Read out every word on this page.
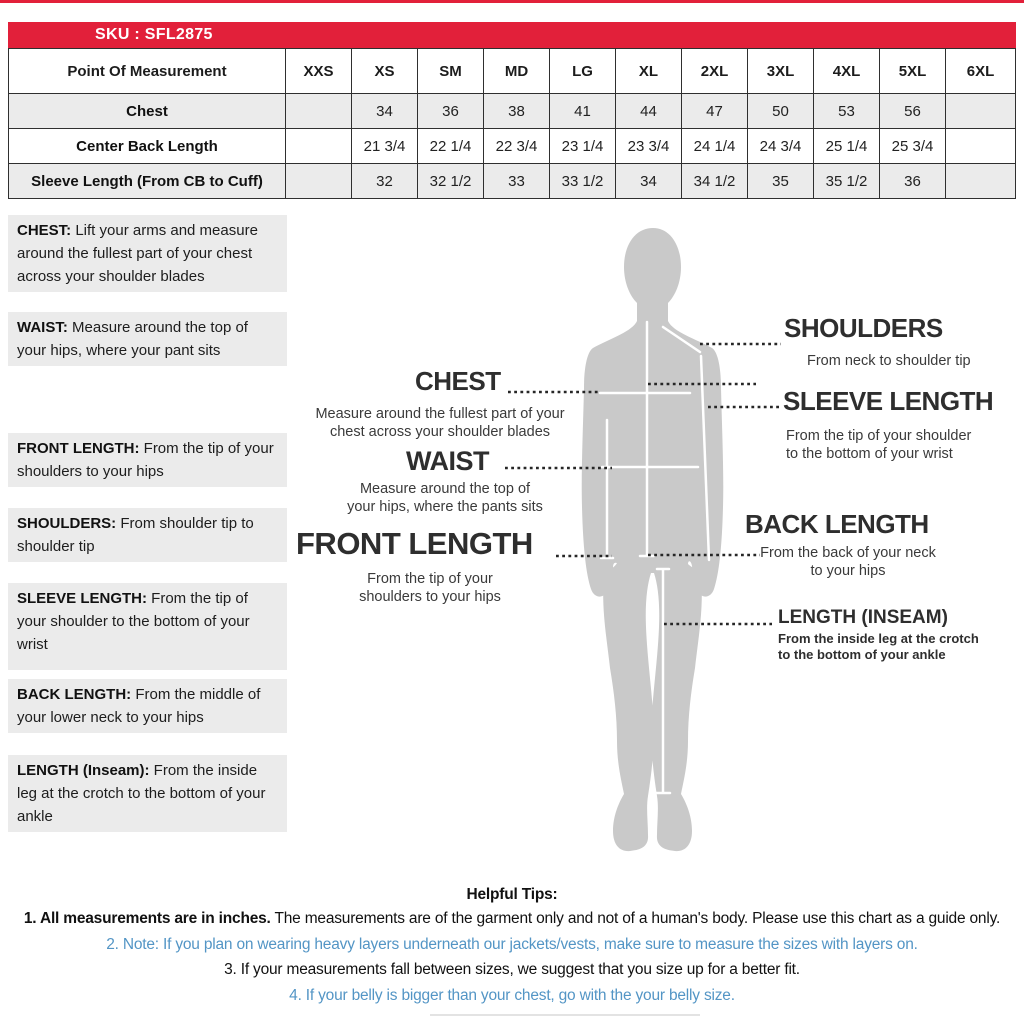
SKU : SFL2875
Point Of Measurement	XXS	XS	SM	MD	LG	XL	2XL	3XL	4XL	5XL	6XL
Chest		34	36	38	41	44	47	50	53	56	
Center Back Length		21 3/4	22 1/4	22 3/4	23 1/4	23 3/4	24 1/4	24 3/4	25 1/4	25 3/4	
Sleeve Length (From CB to Cuff)		32	32 1/2	33	33 1/2	34	34 1/2	35	35 1/2	36	
CHEST: Lift your arms and measure around the fullest part of your chest across your shoulder blades
WAIST: Measure around the top of your hips, where your pant sits
FRONT LENGTH: From the tip of your shoulders to your hips
SHOULDERS: From shoulder tip to shoulder tip
SLEEVE LENGTH: From the tip of your shoulder to the bottom of your wrist
BACK LENGTH: From the middle of your lower neck to your hips
LENGTH (Inseam): From the inside leg at the crotch to the bottom of your ankle
CHEST
Measure around the fullest part of your
chest across your shoulder blades
WAIST
Measure around the top of
your hips, where the pants sits
FRONT LENGTH
From the tip of your
shoulders to your hips
SHOULDERS
From neck to shoulder tip
SLEEVE LENGTH
From the tip of your shoulder
to the bottom of your wrist
BACK LENGTH
From the back of your neck
to your hips
LENGTH (INSEAM)
From the inside leg at the crotch
to the bottom of your ankle
Helpful Tips:
1. All measurements are in inches. The measurements are of the garment only and not of a human's body. Please use this chart as a guide only.
2. Note: If you plan on wearing heavy layers underneath our jackets/vests, make sure to measure the sizes with layers on.
3. If your measurements fall between sizes, we suggest that you size up for a better fit.
4. If your belly is bigger than your chest, go with the your belly size.
